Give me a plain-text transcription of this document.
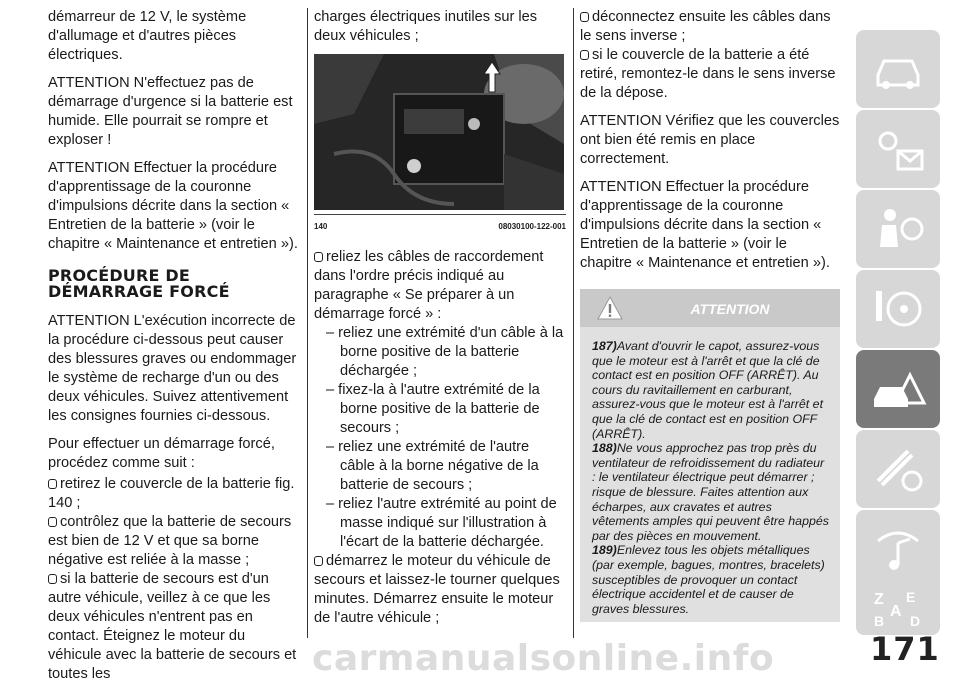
démarreur de 12 V, le système d'allumage et d'autres pièces électriques.

ATTENTION N'effectuez pas de démarrage d'urgence si la batterie est humide. Elle pourrait se rompre et exploser !

ATTENTION Effectuer la procédure d'apprentissage de la couronne d'impulsions décrite dans la section « Entretien de la batterie » (voir le chapitre « Maintenance et entretien »).

PROCÉDURE DE DÉMARRAGE FORCÉ

ATTENTION L'exécution incorrecte de la procédure ci-dessous peut causer des blessures graves ou endommager le système de recharge d'un ou des deux véhicules. Suivez attentivement les consignes fournies ci-dessous.

Pour effectuer un démarrage forcé, procédez comme suit :

retirez le couvercle de la batterie fig. 140 ;
contrôlez que la batterie de secours est bien de 12 V et que sa borne négative est reliée à la masse ;
si la batterie de secours est d'un autre véhicule, veillez à ce que les deux véhicules n'entrent pas en contact. Éteignez le moteur du véhicule avec la batterie de secours et toutes les

charges électriques inutiles sur les deux véhicules ;

140	08030100-122-001
reliez les câbles de raccordement dans l'ordre précis indiqué au paragraphe « Se préparer à un démarrage forcé » :
– reliez une extrémité d'un câble à la borne positive de la batterie déchargée ;
– fixez-la à l'autre extrémité de la borne positive de la batterie de secours ;
– reliez une extrémité de l'autre câble à la borne négative de la batterie de secours ;
– reliez l'autre extrémité au point de masse indiqué sur l'illustration à l'écart de la batterie déchargée.
démarrez le moteur du véhicule de secours et laissez-le tourner quelques minutes. Démarrez ensuite le moteur de l'autre véhicule ;
déconnectez ensuite les câbles dans le sens inverse ;
si le couvercle de la batterie a été retiré, remontez-le dans le sens inverse de la dépose.

ATTENTION Vérifiez que les couvercles ont bien été remis en place correctement.

ATTENTION Effectuer la procédure d'apprentissage de la couronne d'impulsions décrite dans la section « Entretien de la batterie » (voir le chapitre « Maintenance et entretien »).

ATTENTION

187)Avant d'ouvrir le capot, assurez-vous que le moteur est à l'arrêt et que la clé de contact est en position OFF (ARRÊT). Au cours du ravitaillement en carburant, assurez-vous que le moteur est à l'arrêt et que la clé de contact est en position OFF (ARRÊT).

188)Ne vous approchez pas trop près du ventilateur de refroidissement du radiateur : le ventilateur électrique peut démarrer ; risque de blessure. Faites attention aux écharpes, aux cravates et autres vêtements amples qui peuvent être happés par des pièces en mouvement.

189)Enlevez tous les objets métalliques (par exemple, bagues, montres, bracelets) susceptibles de provoquer un contact électrique accidentel et de causer de graves blessures.

Z E
A
B D
carmanualsonline.info	171
